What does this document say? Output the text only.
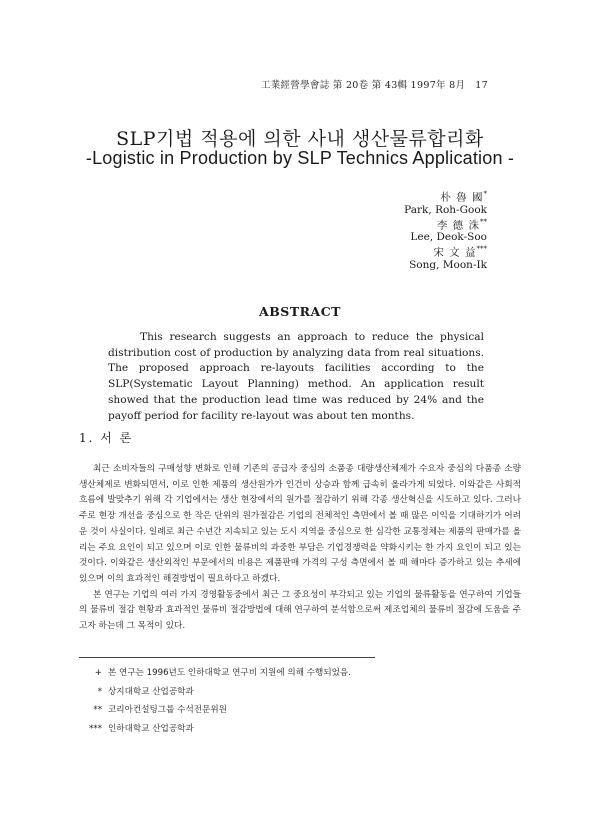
工業經營學會誌 第 20卷 第 43輯 1997年 8月 17
SLP기법 적용에 의한 사내 생산물류합리화
-Logistic in Production by SLP Technics Application -
朴 魯 國*
Park, Roh-Gook
李 德 洙**
Lee, Deok-Soo
宋 文 益***
Song, Moon-Ik
ABSTRACT
This research suggests an approach to reduce the physical distribution cost of production by analyzing data from real situations. The proposed approach re-layouts facilities according to the SLP(Systematic Layout Planning) method. An application result showed that the production lead time was reduced by 24% and the payoff period for facility re-layout was about ten months.
1. 서 론

최근 소비자들의 구매성향 변화로 인해 기존의 공급자 중심의 소품종 대량생산체제가 수요자 중심의 다품종 소량생산체제로 변화되면서, 이로 인한 제품의 생산원가가 인건비 상승과 함께 급속히 올라가게 되었다. 이와같은 사회적 흐름에 발맞추기 위해 각 기업에서는 생산 현장에서의 원가를 절감하기 위해 각종 생산혁신을 시도하고 있다. 그러나 주로 현장 개선을 중심으로 한 작은 단위의 원가절감은 기업의 전체적인 측면에서 볼 때 많은 이익을 기대하기가 어려운 것이 사실이다. 일례로 최근 수년간 지속되고 있는 도시 지역을 중심으로 한 심각한 교통정체는 제품의 판매가를 올리는 주요 요인이 되고 있으며 이로 인한 물류비의 과중한 부담은 기업경쟁력을 약화시키는 한 가지 요인이 되고 있는 것이다. 이와같은 생산외적인 부문에서의 비용은 제품판매 가격의 구성 측면에서 볼 때 해마다 증가하고 있는 추세에 있으며 이의 효과적인 해결방법이 필요하다고 하겠다.

본 연구는 기업의 여러 가지 경영활동중에서 최근 그 중요성이 부각되고 있는 기업의 물류활동을 연구하여 기업들의 물류비 절감 현황과 효과적인 물류비 절감방법에 대해 연구하여 분석함으로써 제조업체의 물류비 절감에 도움을 주고자 하는데 그 목적이 있다.

+ 본 연구는 1996년도 인하대학교 연구비 지원에 의해 수행되었음.
* 상지대학교 산업공학과
** 코리아컨설팅그룹 수석전문위원
*** 인하대학교 산업공학과
